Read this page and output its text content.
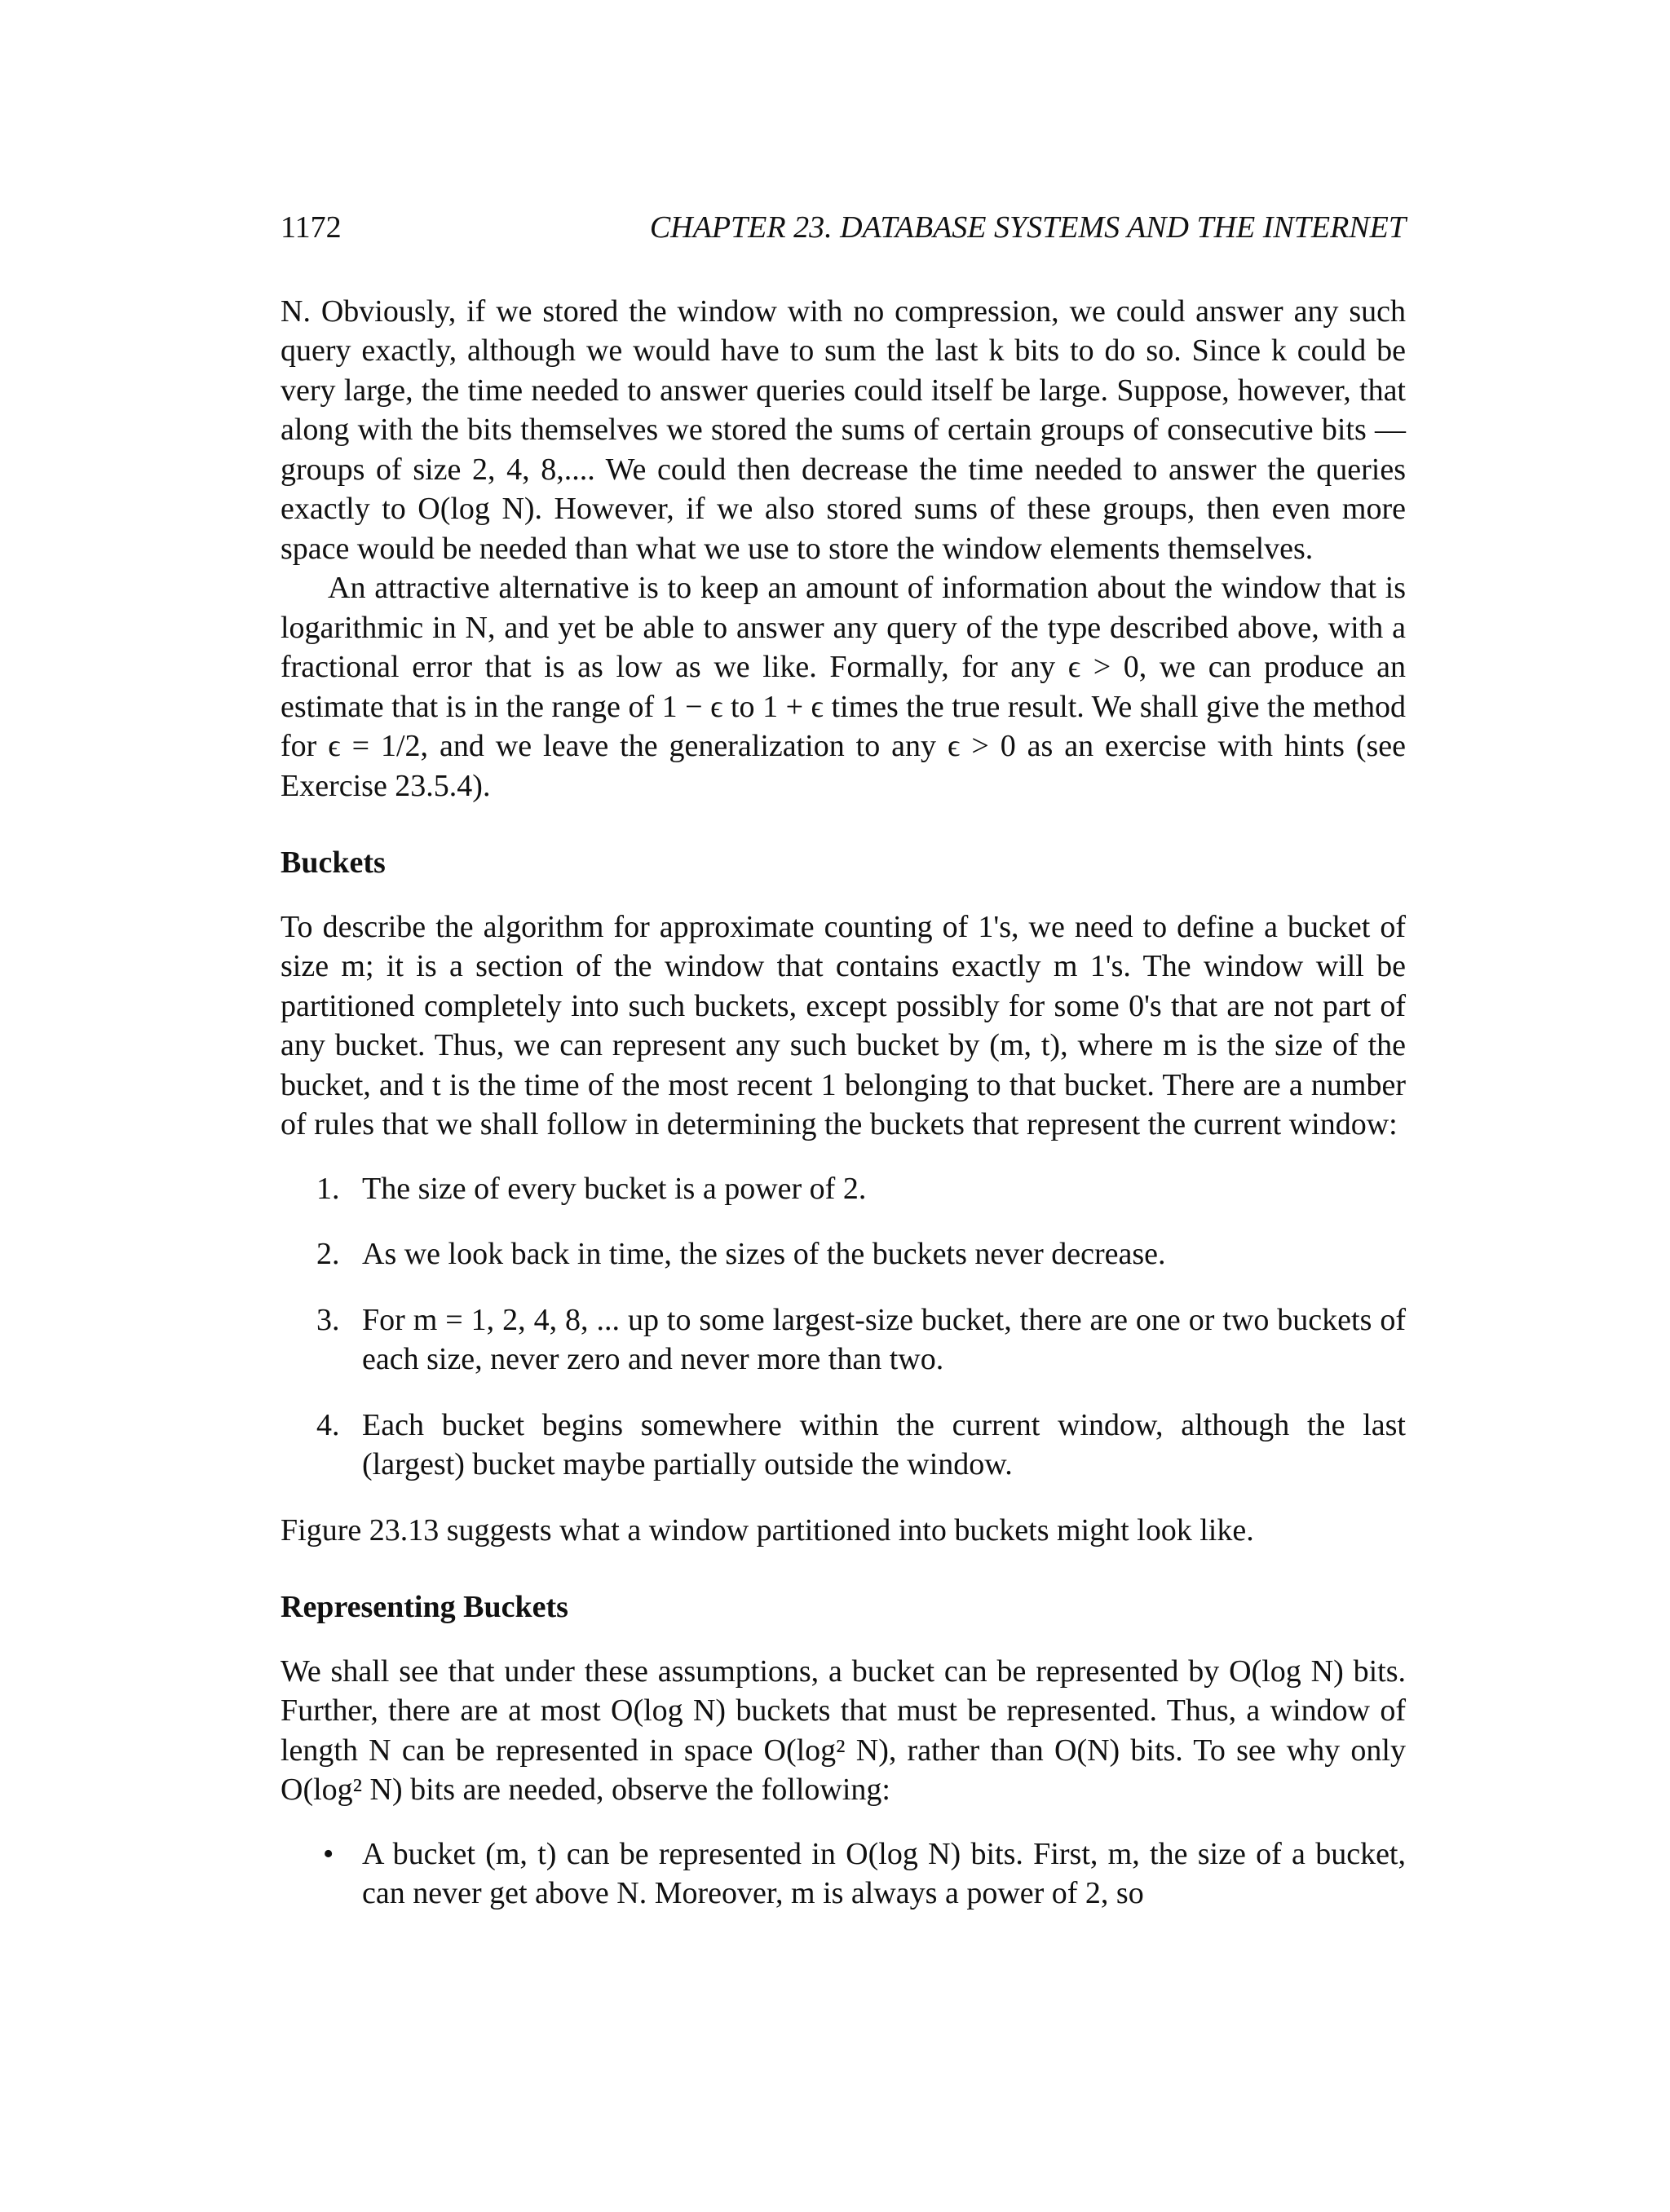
1172	CHAPTER 23. DATABASE SYSTEMS AND THE INTERNET

N. Obviously, if we stored the window with no compression, we could answer any such query exactly, although we would have to sum the last k bits to do so. Since k could be very large, the time needed to answer queries could itself be large. Suppose, however, that along with the bits themselves we stored the sums of certain groups of consecutive bits — groups of size 2, 4, 8,.... We could then decrease the time needed to answer the queries exactly to O(log N). However, if we also stored sums of these groups, then even more space would be needed than what we use to store the window elements themselves.

An attractive alternative is to keep an amount of information about the window that is logarithmic in N, and yet be able to answer any query of the type described above, with a fractional error that is as low as we like. Formally, for any ϵ > 0, we can produce an estimate that is in the range of 1 − ϵ to 1 + ϵ times the true result. We shall give the method for ϵ = 1/2, and we leave the generalization to any ϵ > 0 as an exercise with hints (see Exercise 23.5.4).

Buckets

To describe the algorithm for approximate counting of 1's, we need to define a bucket of size m; it is a section of the window that contains exactly m 1's. The window will be partitioned completely into such buckets, except possibly for some 0's that are not part of any bucket. Thus, we can represent any such bucket by (m, t), where m is the size of the bucket, and t is the time of the most recent 1 belonging to that bucket. There are a number of rules that we shall follow in determining the buckets that represent the current window:

1. The size of every bucket is a power of 2.
2. As we look back in time, the sizes of the buckets never decrease.
3. For m = 1, 2, 4, 8, ... up to some largest-size bucket, there are one or two buckets of each size, never zero and never more than two.
4. Each bucket begins somewhere within the current window, although the last (largest) bucket maybe partially outside the window.

Figure 23.13 suggests what a window partitioned into buckets might look like.

Representing Buckets

We shall see that under these assumptions, a bucket can be represented by O(log N) bits. Further, there are at most O(log N) buckets that must be represented. Thus, a window of length N can be represented in space O(log² N), rather than O(N) bits. To see why only O(log² N) bits are needed, observe the following:

• A bucket (m, t) can be represented in O(log N) bits. First, m, the size of a bucket, can never get above N. Moreover, m is always a power of 2, so
